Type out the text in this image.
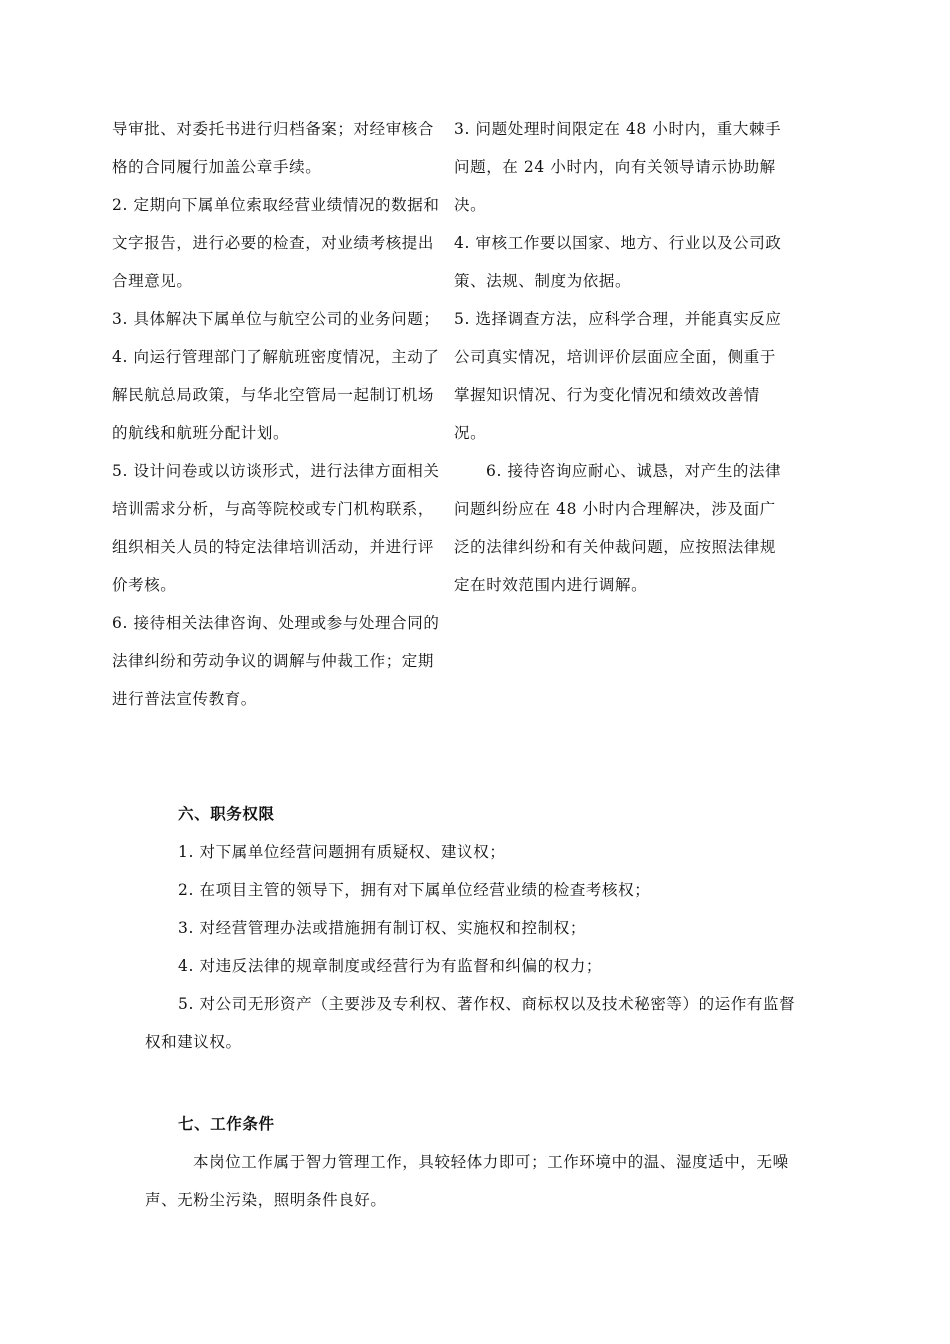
导审批、对委托书进行归档备案；对经审核合格的合同履行加盖公章手续。

2. 定期向下属单位索取经营业绩情况的数据和文字报告，进行必要的检查，对业绩考核提出合理意见。

3. 具体解决下属单位与航空公司的业务问题；

4. 向运行管理部门了解航班密度情况，主动了解民航总局政策，与华北空管局一起制订机场的航线和航班分配计划。

5. 设计问卷或以访谈形式，进行法律方面相关培训需求分析，与高等院校或专门机构联系，组织相关人员的特定法律培训活动，并进行评价考核。

6. 接待相关法律咨询、处理或参与处理合同的法律纠纷和劳动争议的调解与仲裁工作；定期进行普法宣传教育。

3. 问题处理时间限定在 48 小时内，重大棘手问题，在 24 小时内，向有关领导请示协助解决。

4. 审核工作要以国家、地方、行业以及公司政策、法规、制度为依据。

5. 选择调查方法，应科学合理，并能真实反应公司真实情况，培训评价层面应全面，侧重于掌握知识情况、行为变化情况和绩效改善情况。

6. 接待咨询应耐心、诚恳，对产生的法律问题纠纷应在 48 小时内合理解决，涉及面广泛的法律纠纷和有关仲裁问题，应按照法律规定在时效范围内进行调解。

六、职务权限

1. 对下属单位经营问题拥有质疑权、建议权；

2. 在项目主管的领导下，拥有对下属单位经营业绩的检查考核权；

3. 对经营管理办法或措施拥有制订权、实施权和控制权；

4. 对违反法律的规章制度或经营行为有监督和纠偏的权力；

5. 对公司无形资产（主要涉及专利权、著作权、商标权以及技术秘密等）的运作有监督权和建议权。

七、工作条件

本岗位工作属于智力管理工作，具较轻体力即可；工作环境中的温、湿度适中，无噪声、无粉尘污染，照明条件良好。
